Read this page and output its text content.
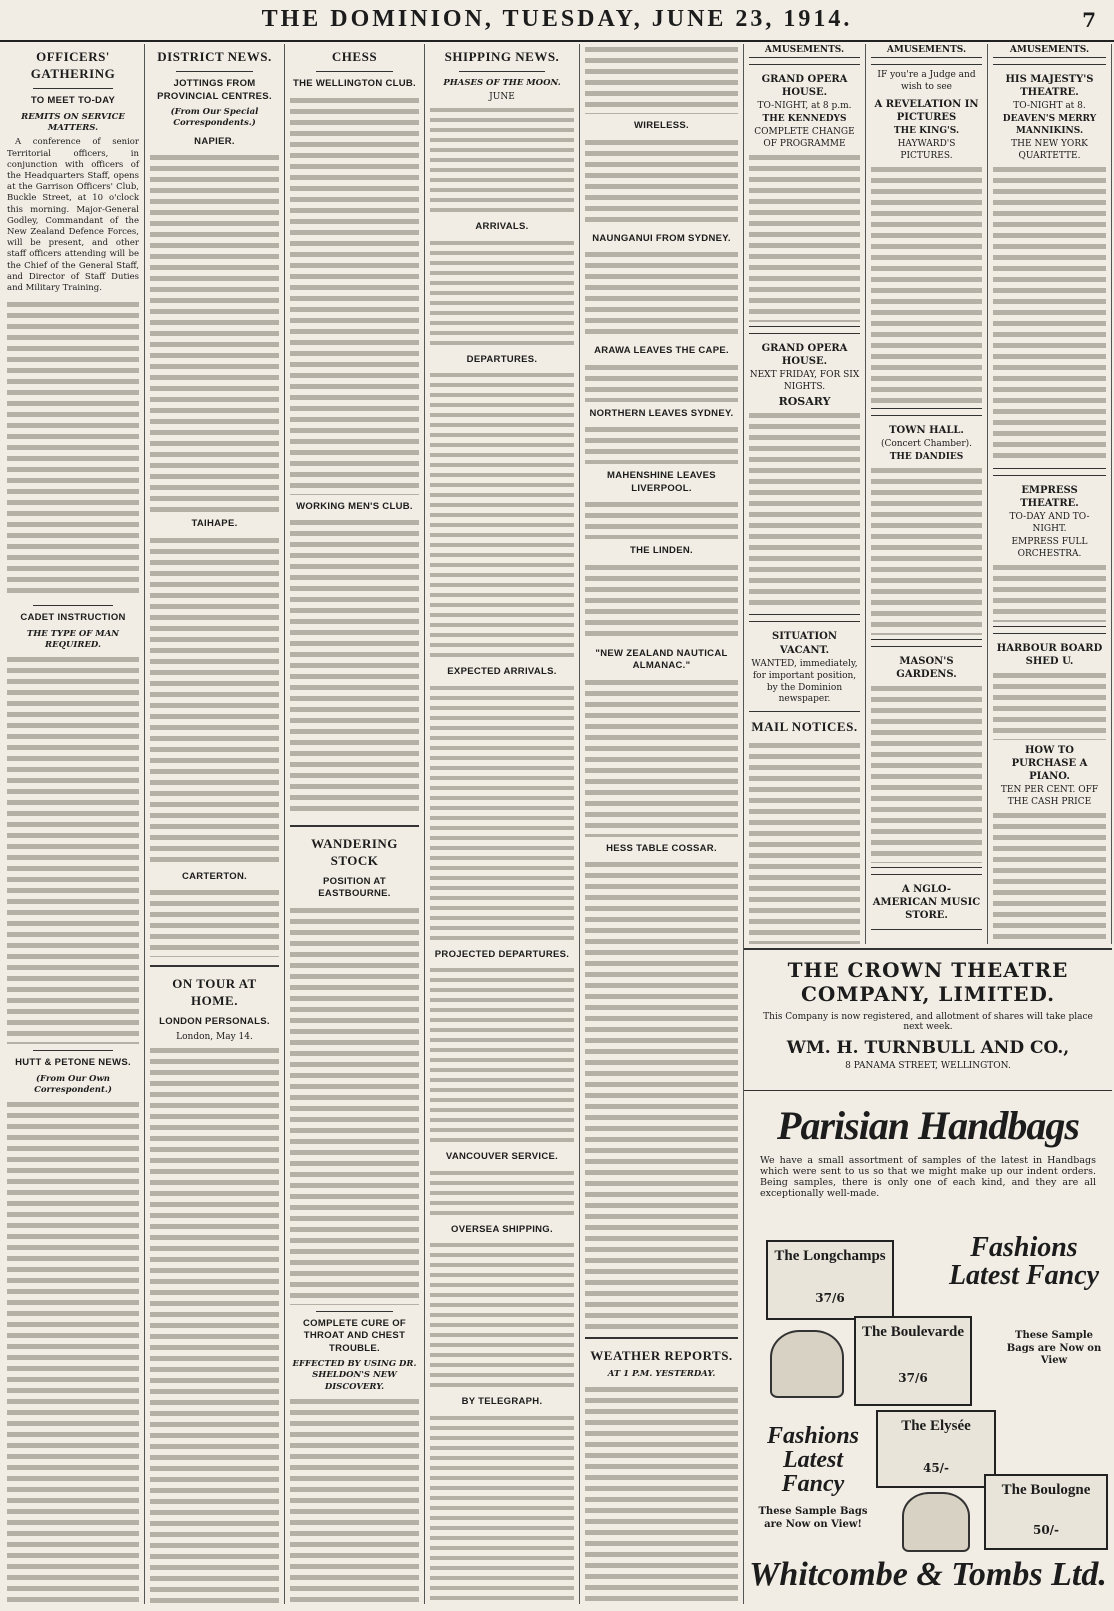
THE DOMINION, TUESDAY, JUNE 23, 1914.	7
OFFICERS' GATHERING
TO MEET TO-DAY
REMITS ON SERVICE MATTERS.

A conference of senior Territorial officers, in conjunction with officers of the Headquarters Staff, opens at the Garrison Officers' Club, Buckle Street, at 10 o'clock this morning. Major-General Godley, Commandant of the New Zealand Defence Forces, will be present, and other staff officers attending will be the Chief of the General Staff, and Director of Staff Duties and Military Training.

CADET INSTRUCTION
THE TYPE OF MAN REQUIRED.
HUTT & PETONE NEWS.
(From Our Own Correspondent.)
DISTRICT NEWS.
JOTTINGS FROM PROVINCIAL CENTRES.
(From Our Special Correspondents.)
NAPIER.
TAIHAPE.
CARTERTON.
ON TOUR AT HOME.
LONDON PERSONALS.
London, May 14.
CHESS
THE WELLINGTON CLUB.
WORKING MEN'S CLUB.
WANDERING STOCK
POSITION AT EASTBOURNE.
COMPLETE CURE OF THROAT AND CHEST TROUBLE.
EFFECTED BY USING DR. SHELDON'S NEW DISCOVERY.
SHIPPING NEWS.
PHASES OF THE MOON.
JUNE
ARRIVALS.
DEPARTURES.
EXPECTED ARRIVALS.
PROJECTED DEPARTURES.
VANCOUVER SERVICE.
OVERSEA SHIPPING.
BY TELEGRAPH.
WIRELESS.
NAUNGANUI FROM SYDNEY.
ARAWA LEAVES THE CAPE.
NORTHERN LEAVES SYDNEY.
MAHENSHINE LEAVES LIVERPOOL.
THE LINDEN.
"NEW ZEALAND NAUTICAL ALMANAC."
HESS TABLE COSSAR.
WEATHER REPORTS.
AT 1 P.M. YESTERDAY.
AMUSEMENTS.
GRAND OPERA HOUSE.
TO-NIGHT, at 8 p.m.
THE KENNEDYS
COMPLETE CHANGE OF PROGRAMME
GRAND OPERA HOUSE.
NEXT FRIDAY, FOR SIX NIGHTS.
ROSARY
SITUATION VACANT.
WANTED, immediately, for important position, by the Dominion newspaper.
MAIL NOTICES.
AMUSEMENTS.
IF you're a Judge and wish to see
A REVELATION IN PICTURES
THE KING'S.
HAYWARD'S PICTURES.
TOWN HALL.
(Concert Chamber).
THE DANDIES
MASON'S GARDENS.
A NGLO-AMERICAN MUSIC STORE.
AMUSEMENTS.
HIS MAJESTY'S THEATRE.
TO-NIGHT at 8.
DEAVEN'S MERRY MANNIKINS.
THE NEW YORK QUARTETTE.
EMPRESS THEATRE.
TO-DAY AND TO-NIGHT.
EMPRESS FULL ORCHESTRA.
HARBOUR BOARD SHED U.
HOW TO PURCHASE A PIANO.
TEN PER CENT. OFF THE CASH PRICE
THE CROWN THEATRE COMPANY, LIMITED.
This Company is now registered, and allotment of shares will take place next week.
WM. H. TURNBULL AND CO.,
8 PANAMA STREET, WELLINGTON.
Parisian Handbags
We have a small assortment of samples of the latest in Handbags which were sent to us so that we might make up our indent orders. Being samples, there is only one of each kind, and they are all exceptionally well-made.
The Longchamps
37/6
Fashions Latest Fancy
The Boulevarde
37/6
These Sample Bags are Now on View
The Elysée
45/-
Fashions Latest Fancy	The Boulogne
50/-
These Sample Bags are Now on View!
Whitcombe & Tombs Ltd.
